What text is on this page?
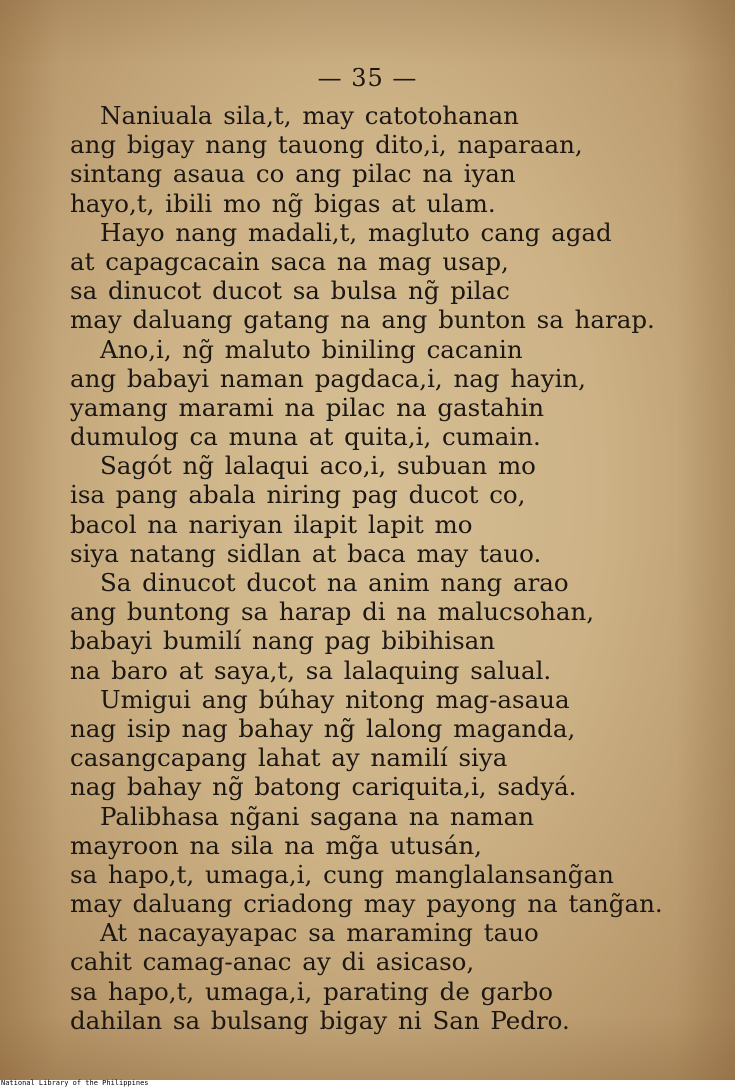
— 35 —
Naniuala sila,t, may catotohanan
ang bigay nang tauong dito,i, naparaan,
sintang asaua co ang pilac na iyan
hayo,t, ibili mo ng̃ bigas at ulam.
Hayo nang madali,t, magluto cang agad
at capagcacain saca na mag usap,
sa dinucot ducot sa bulsa ng̃ pilac
may daluang gatang na ang bunton sa harap.
Ano,i, ng̃ maluto biniling cacanin
ang babayi naman pagdaca,i, nag hayin,
yamang marami na pilac na gastahin
dumulog ca muna at quita,i, cumain.
Sagót ng̃ lalaqui aco,i, subuan mo
isa pang abala niring pag ducot co,
bacol na nariyan ilapit lapit mo
siya natang sidlan at baca may tauo.
Sa dinucot ducot na anim nang arao
ang buntong sa harap di na malucsohan,
babayi bumilí nang pag bibihisan
na baro at saya,t, sa lalaquing salual.
Umigui ang búhay nitong mag-asaua
nag isip nag bahay ng̃ lalong maganda,
casangcapang lahat ay namilí siya
nag bahay ng̃ batong cariquita,i, sadyá.
Palibhasa ng̃ani sagana na naman
mayroon na sila na mg̃a utusán,
sa hapo,t, umaga,i, cung manglalansang̃an
may daluang criadong may payong na tang̃an.
At nacayayapac sa maraming tauo
cahit camag-anac ay di asicaso,
sa hapo,t, umaga,i, parating de garbo
dahilan sa bulsang bigay ni San Pedro.
National Library of the Philippines
